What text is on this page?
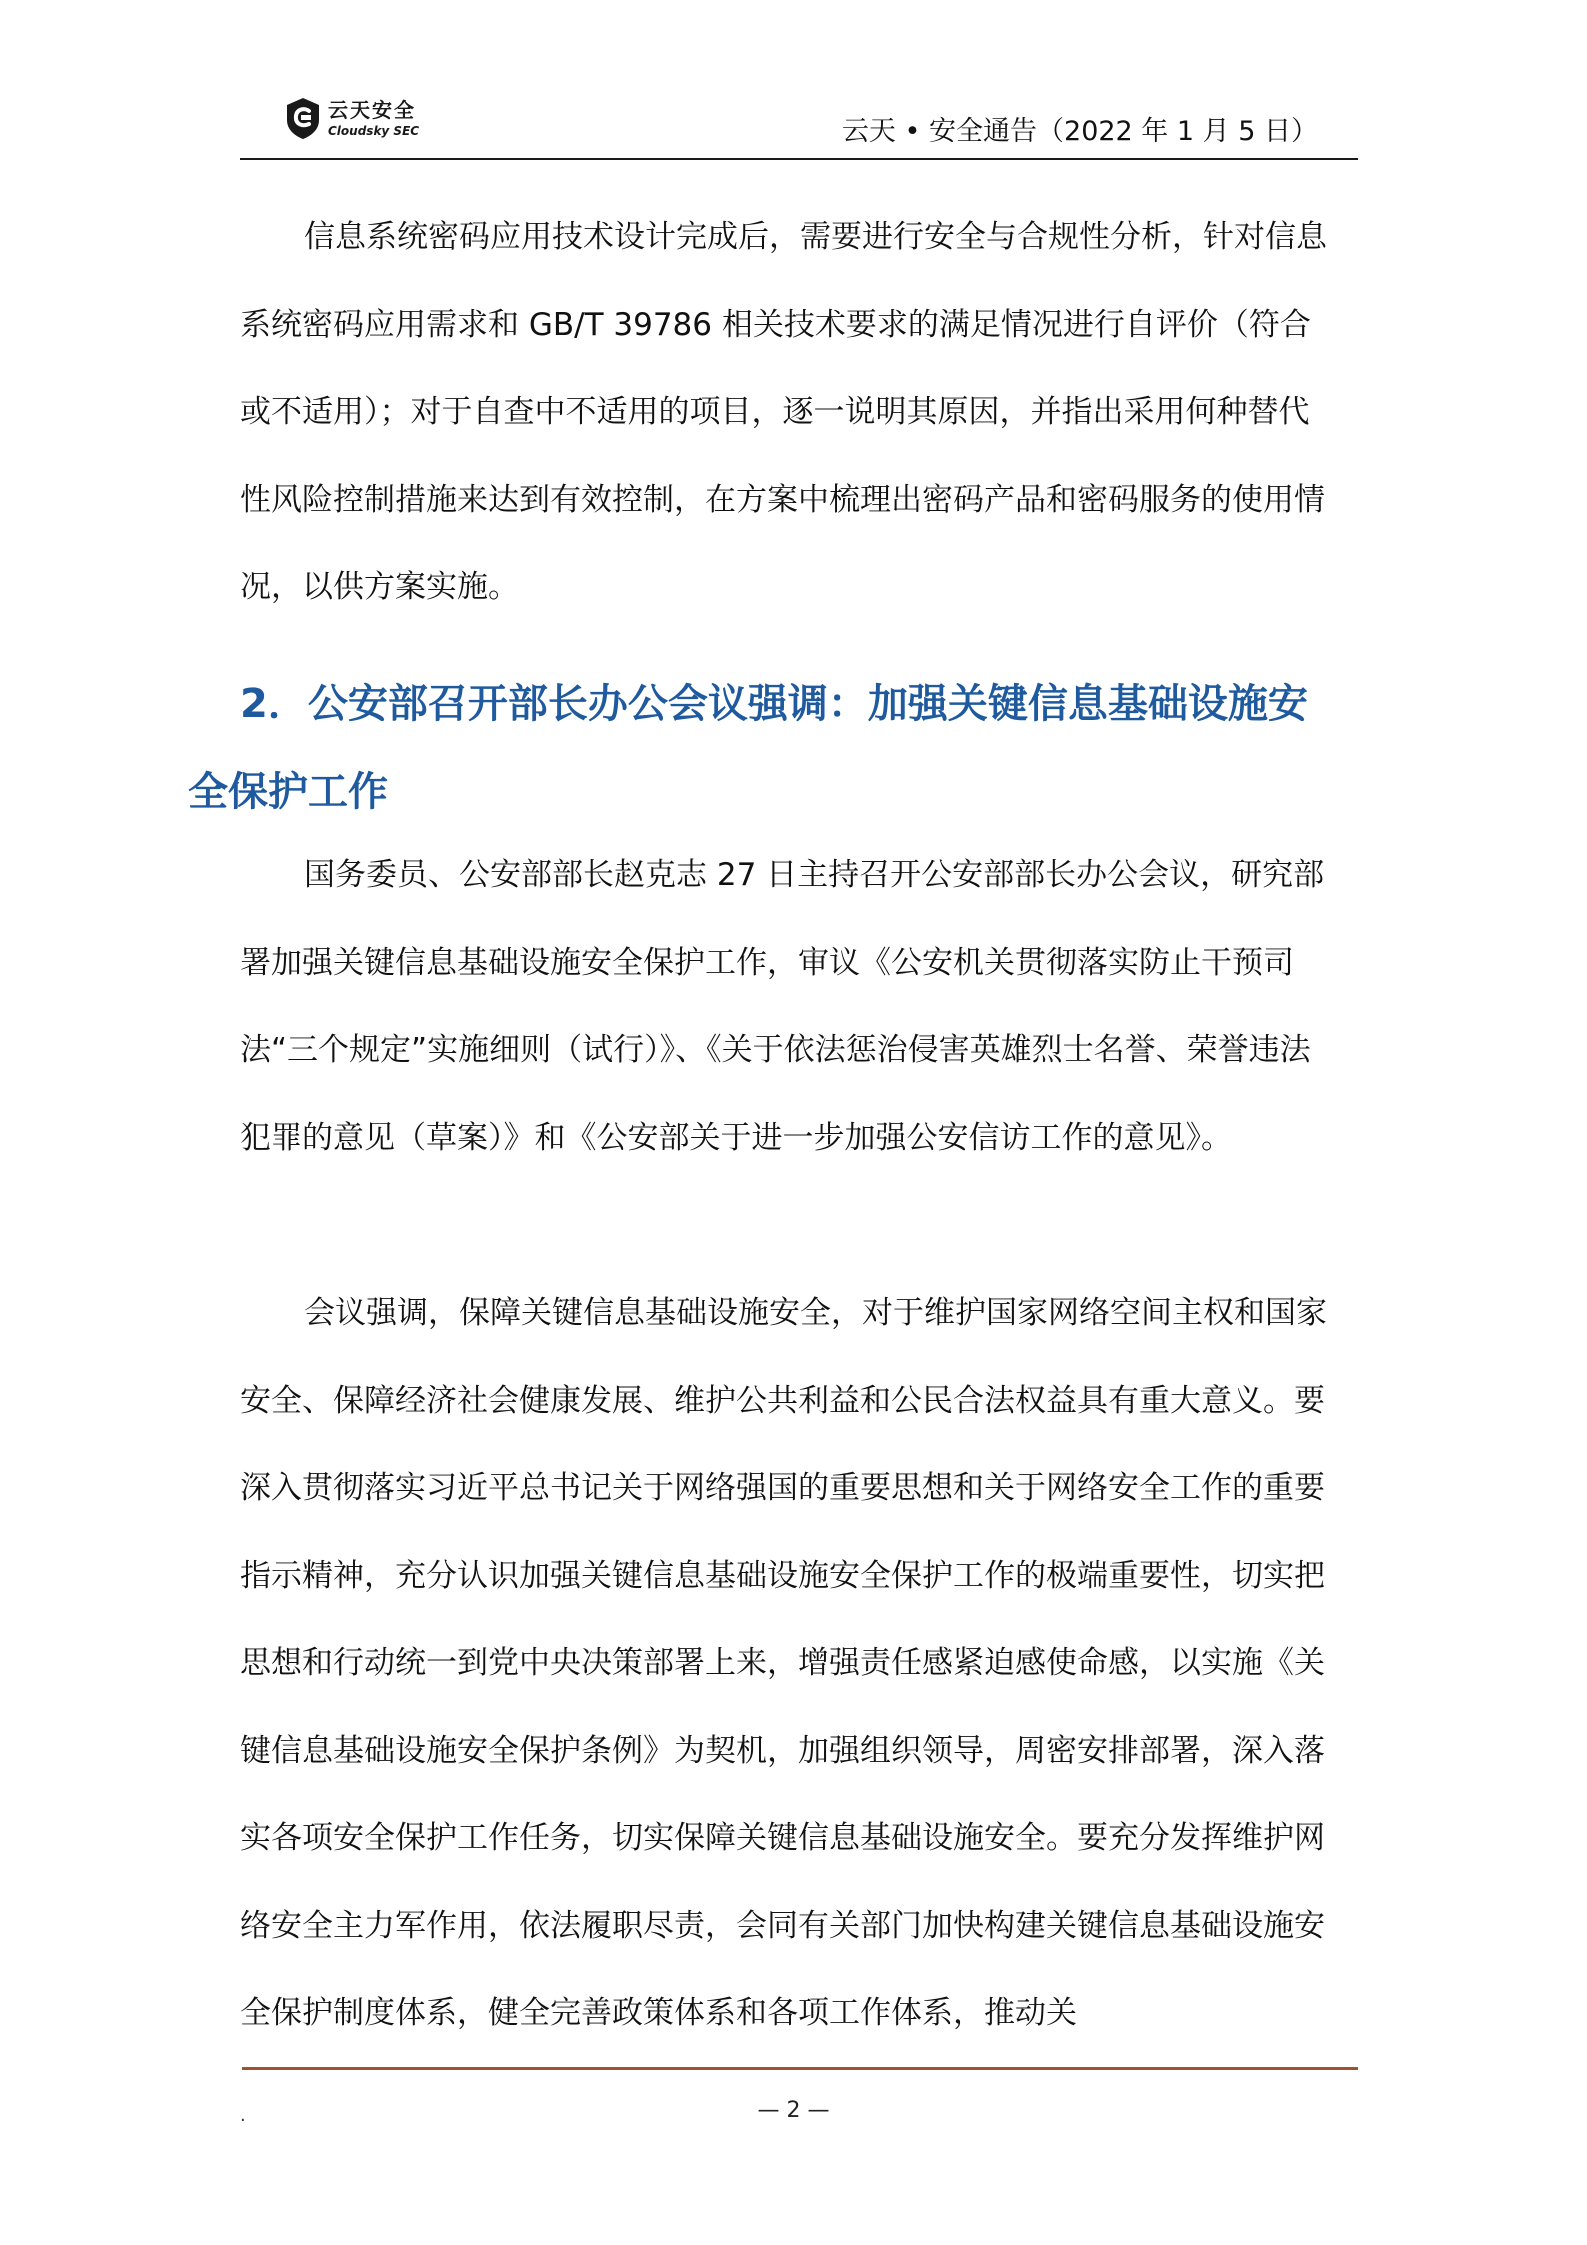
云天安全
Cloudsky SEC	云天 • 安全通告（2022 年 1 月 5 日）

信息系统密码应用技术设计完成后，需要进行安全与合规性分析，针对信息系统密码应用需求和 GB/T 39786 相关技术要求的满足情况进行自评价（符合或不适用）；对于自查中不适用的项目，逐一说明其原因，并指出采用何种替代性风险控制措施来达到有效控制，在方案中梳理出密码产品和密码服务的使用情况，以供方案实施。

2．公安部召开部长办公会议强调：加强关键信息基础设施安全保护工作

国务委员、公安部部长赵克志 27 日主持召开公安部部长办公会议，研究部署加强关键信息基础设施安全保护工作，审议《公安机关贯彻落实防止干预司法“三个规定”实施细则（试行）》、《关于依法惩治侵害英雄烈士名誉、荣誉违法犯罪的意见（草案）》和《公安部关于进一步加强公安信访工作的意见》。

会议强调，保障关键信息基础设施安全，对于维护国家网络空间主权和国家安全、保障经济社会健康发展、维护公共利益和公民合法权益具有重大意义。要深入贯彻落实习近平总书记关于网络强国的重要思想和关于网络安全工作的重要指示精神，充分认识加强关键信息基础设施安全保护工作的极端重要性，切实把思想和行动统一到党中央决策部署上来，增强责任感紧迫感使命感，以实施《关键信息基础设施安全保护条例》为契机，加强组织领导，周密安排部署，深入落实各项安全保护工作任务，切实保障关键信息基础设施安全。要充分发挥维护网络安全主力军作用，依法履职尽责，会同有关部门加快构建关键信息基础设施安全保护制度体系，健全完善政策体系和各项工作体系，推动关

.	— 2 —
